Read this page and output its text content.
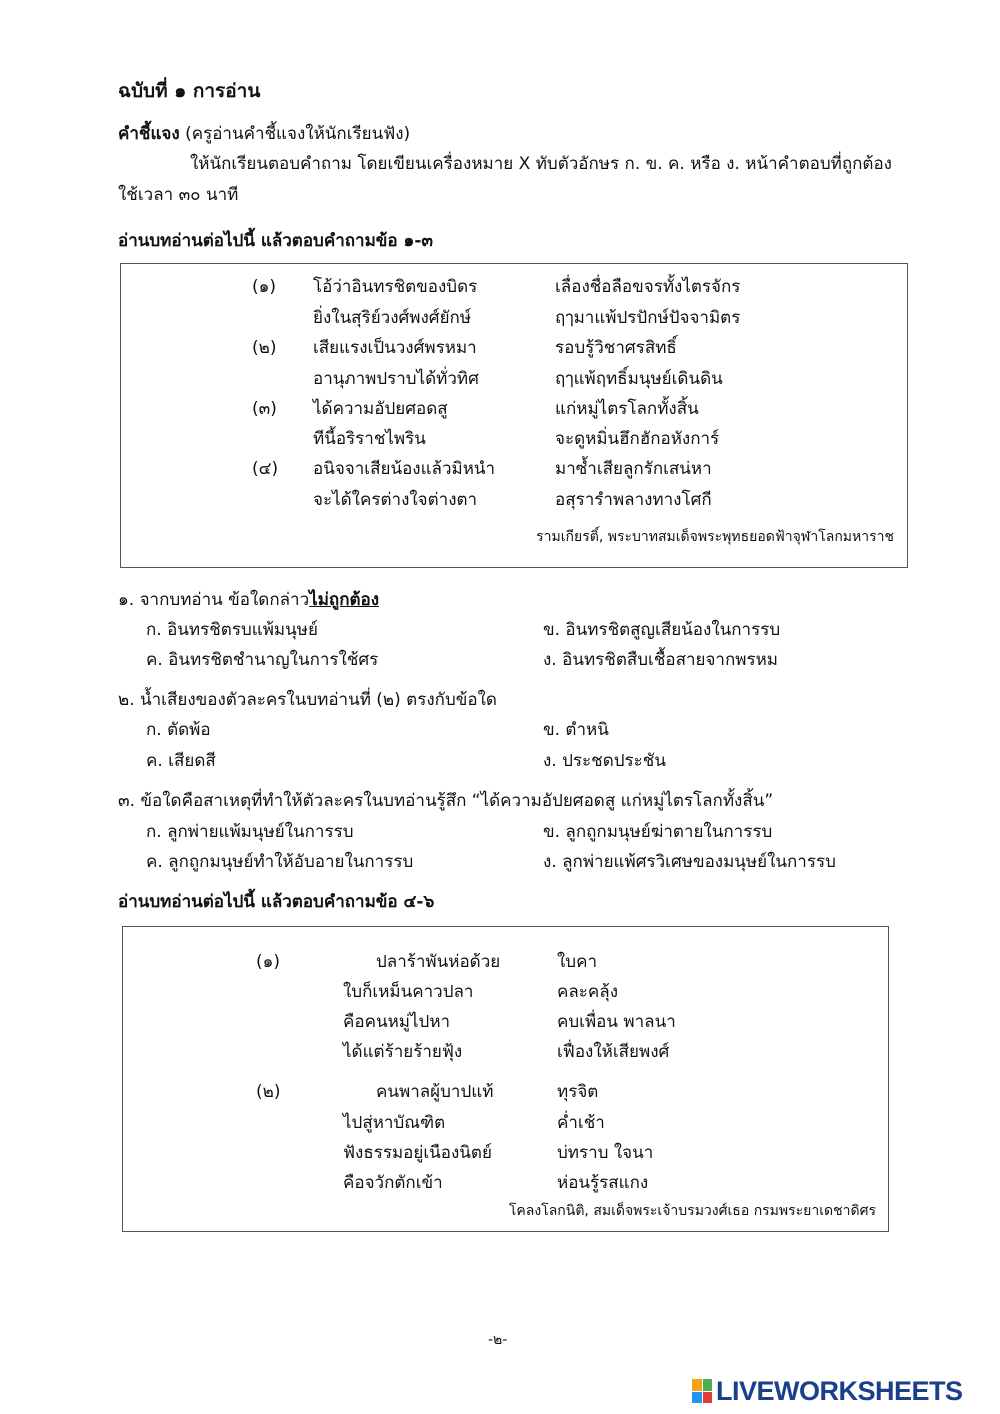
ฉบับที่ ๑ การอ่าน
คำชี้แจง (ครูอ่านคำชี้แจงให้นักเรียนฟัง)
ให้นักเรียนตอบคำถาม โดยเขียนเครื่องหมาย X ทับตัวอักษร ก. ข. ค. หรือ ง. หน้าคำตอบที่ถูกต้อง
ใช้เวลา ๓๐ นาที
อ่านบทอ่านต่อไปนี้ แล้วตอบคำถามข้อ ๑-๓
(๑) โอ้ว่าอินทรชิตของบิดร	เลื่องชื่อลือขจรทั้งไตรจักร
ยิ่งในสุริย์วงศ์พงศ์ยักษ์	ฤๅมาแพ้ปรปักษ์ปัจจามิตร
(๒) เสียแรงเป็นวงศ์พรหมา	รอบรู้วิชาศรสิทธิ์
อานุภาพปราบได้ทั่วทิศ	ฤๅแพ้ฤทธิ์มนุษย์เดินดิน
(๓) ได้ความอัปยศอดสู	แก่หมู่ไตรโลกทั้งสิ้น
ทีนี้อริราชไพริน	จะดูหมิ่นฮึกฮักอหังการ์
(๔) อนิจจาเสียน้องแล้วมิหนำ	มาซ้ำเสียลูกรักเสน่หา
จะได้ใครต่างใจต่างตา	อสุรารำพลางทางโศกี
รามเกียรติ์, พระบาทสมเด็จพระพุทธยอดฟ้าจุฬาโลกมหาราช
๑. จากบทอ่าน ข้อใดกล่าวไม่ถูกต้อง
ก. อินทรชิตรบแพ้มนุษย์	ข. อินทรชิตสูญเสียน้องในการรบ
ค. อินทรชิตชำนาญในการใช้ศร	ง. อินทรชิตสืบเชื้อสายจากพรหม
๒. น้ำเสียงของตัวละครในบทอ่านที่ (๒) ตรงกับข้อใด
ก. ตัดพ้อ	ข. ตำหนิ
ค. เสียดสี	ง. ประชดประชัน
๓. ข้อใดคือสาเหตุที่ทำให้ตัวละครในบทอ่านรู้สึก “ได้ความอัปยศอดสู แก่หมู่ไตรโลกทั้งสิ้น”
ก. ลูกพ่ายแพ้มนุษย์ในการรบ	ข. ลูกถูกมนุษย์ฆ่าตายในการรบ
ค. ลูกถูกมนุษย์ทำให้อับอายในการรบ	ง. ลูกพ่ายแพ้ศรวิเศษของมนุษย์ในการรบ
อ่านบทอ่านต่อไปนี้ แล้วตอบคำถามข้อ ๔-๖
(๑)	ปลาร้าพันห่อด้วย	ใบคา
ใบก็เหม็นคาวปลา	คละคลุ้ง
คือคนหมู่ไปหา	คบเพื่อน พาลนา
ได้แต่ร้ายร้ายฟุ้ง	เฟื่องให้เสียพงศ์
(๒)	คนพาลผู้บาปแท้	ทุรจิต
ไปสู่หาบัณฑิต	ค่ำเช้า
ฟังธรรมอยู่เนืองนิตย์	บ่ทราบ ใจนา
คือจวักตักเข้า	ห่อนรู้รสแกง
โคลงโลกนิติ, สมเด็จพระเจ้าบรมวงศ์เธอ กรมพระยาเดชาดิศร
-๒-
LIVEWORKSHEETS
